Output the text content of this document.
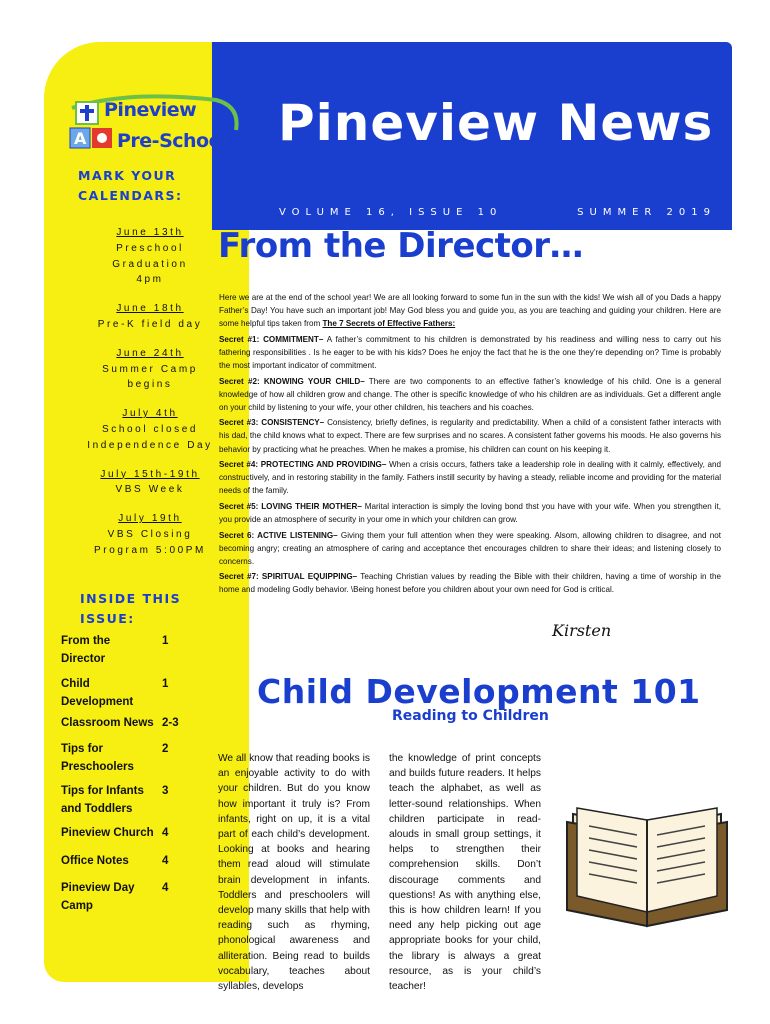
Pineview
A Pre-School Pineview News
VOLUME 16, ISSUE 10	SUMMER 2019
MARK YOUR CALENDARS:
June 13th
Preschool
Graduation
4pm
June 18th
Pre-K field day
June 24th
Summer Camp
begins
July 4th
School closed
Independence Day
July 15th-19th
VBS Week
July 19th
VBS Closing
Program 5:00PM
INSIDE THIS ISSUE:
From the Director
1
Child Development
1
Classroom News 2-3
Tips for Preschoolers
2
Tips for Infants and Toddlers
3
Pineview Church 4
Office Notes	4
Pineview Day Camp
4
From the Director…

Here we are at the end of the school year! We are all looking forward to some fun in the sun with the kids! We wish all of you Dads a happy Father’s Day! You have such an important job! May God bless you and guide you, as you are teaching and guiding your children. Here are some helpful tips taken from The 7 Secrets of Effective Fathers:

Secret #1: COMMITMENT– A father’s commitment to his children is demonstrated by his readiness and willing ness to carry out his fathering responsibilities . Is he eager to be with his kids? Does he enjoy the fact that he is the one they’re depending on? Time is probably the most important indicator of commitment.

Secret #2: KNOWING YOUR CHILD– There are two components to an effective father’s knowledge of his child. One is a general knowledge of how all children grow and change. The other is specific knowledge of who his children are as individuals. Get a different angle on your child by listening to your wife, your other children, his teachers and his coaches.

Secret #3: CONSISTENCY– Consistency, briefly defines, is regularity and predictability. When a child of a consistent father interacts with his dad, the child knows what to expect. There are few surprises and no scares. A consistent father governs his moods. He also governs his behavior by practicing what he preaches. When he makes a promise, his children can count on his keeping it.

Secret #4: PROTECTING AND PROVIDING– When a crisis occurs, fathers take a leadership role in dealing with it calmly, effectively, and constructively, and in restoring stability in the family. Fathers instill security by having a steady, reliable income and providing for the material needs of the family.

Secret #5: LOVING THEIR MOTHER– Marital interaction is simply the loving bond thst you have with your wife. When you strengthen it, you provide an atmosphere of security in your ome in which your children can grow.

Secret 6: ACTIVE LISTENING– Giving them your full attention when they were speaking. Alsom, allowing children to disagree, and not becoming angry; creating an atmosphere of caring and acceptance thet encourages children to share their ideas; and listening closely to concerns.

Secret #7: SPIRITUAL EQUIPPING– Teaching Christian values by reading the Bible with their children, having a time of worship in the home and modeling Godly behavior. \Being honest before you children about your own need for God is critical.

Kirsten
Child Development 101
Reading to Children
We all know that reading books is an enjoyable activity to do with your children. But do you know how important it truly is? From infants, right on up, it is a vital part of each child’s development. Looking at books and hearing them read aloud will stimulate brain development in infants. Toddlers and preschoolers will develop many skills that help with reading such as rhyming, phonological awareness and alliteration. Being read to builds vocabulary, teaches about syllables, develops
the knowledge of print concepts and builds future readers. It helps teach the alphabet, as well as letter-sound relationships. When children participate in read-alouds in small group settings, it helps to strengthen their comprehension skills. Don’t discourage comments and questions! As with anything else, this is how children learn! If you need any help picking out age appropriate books for your child, the library is always a great resource, as is your child’s teacher!
